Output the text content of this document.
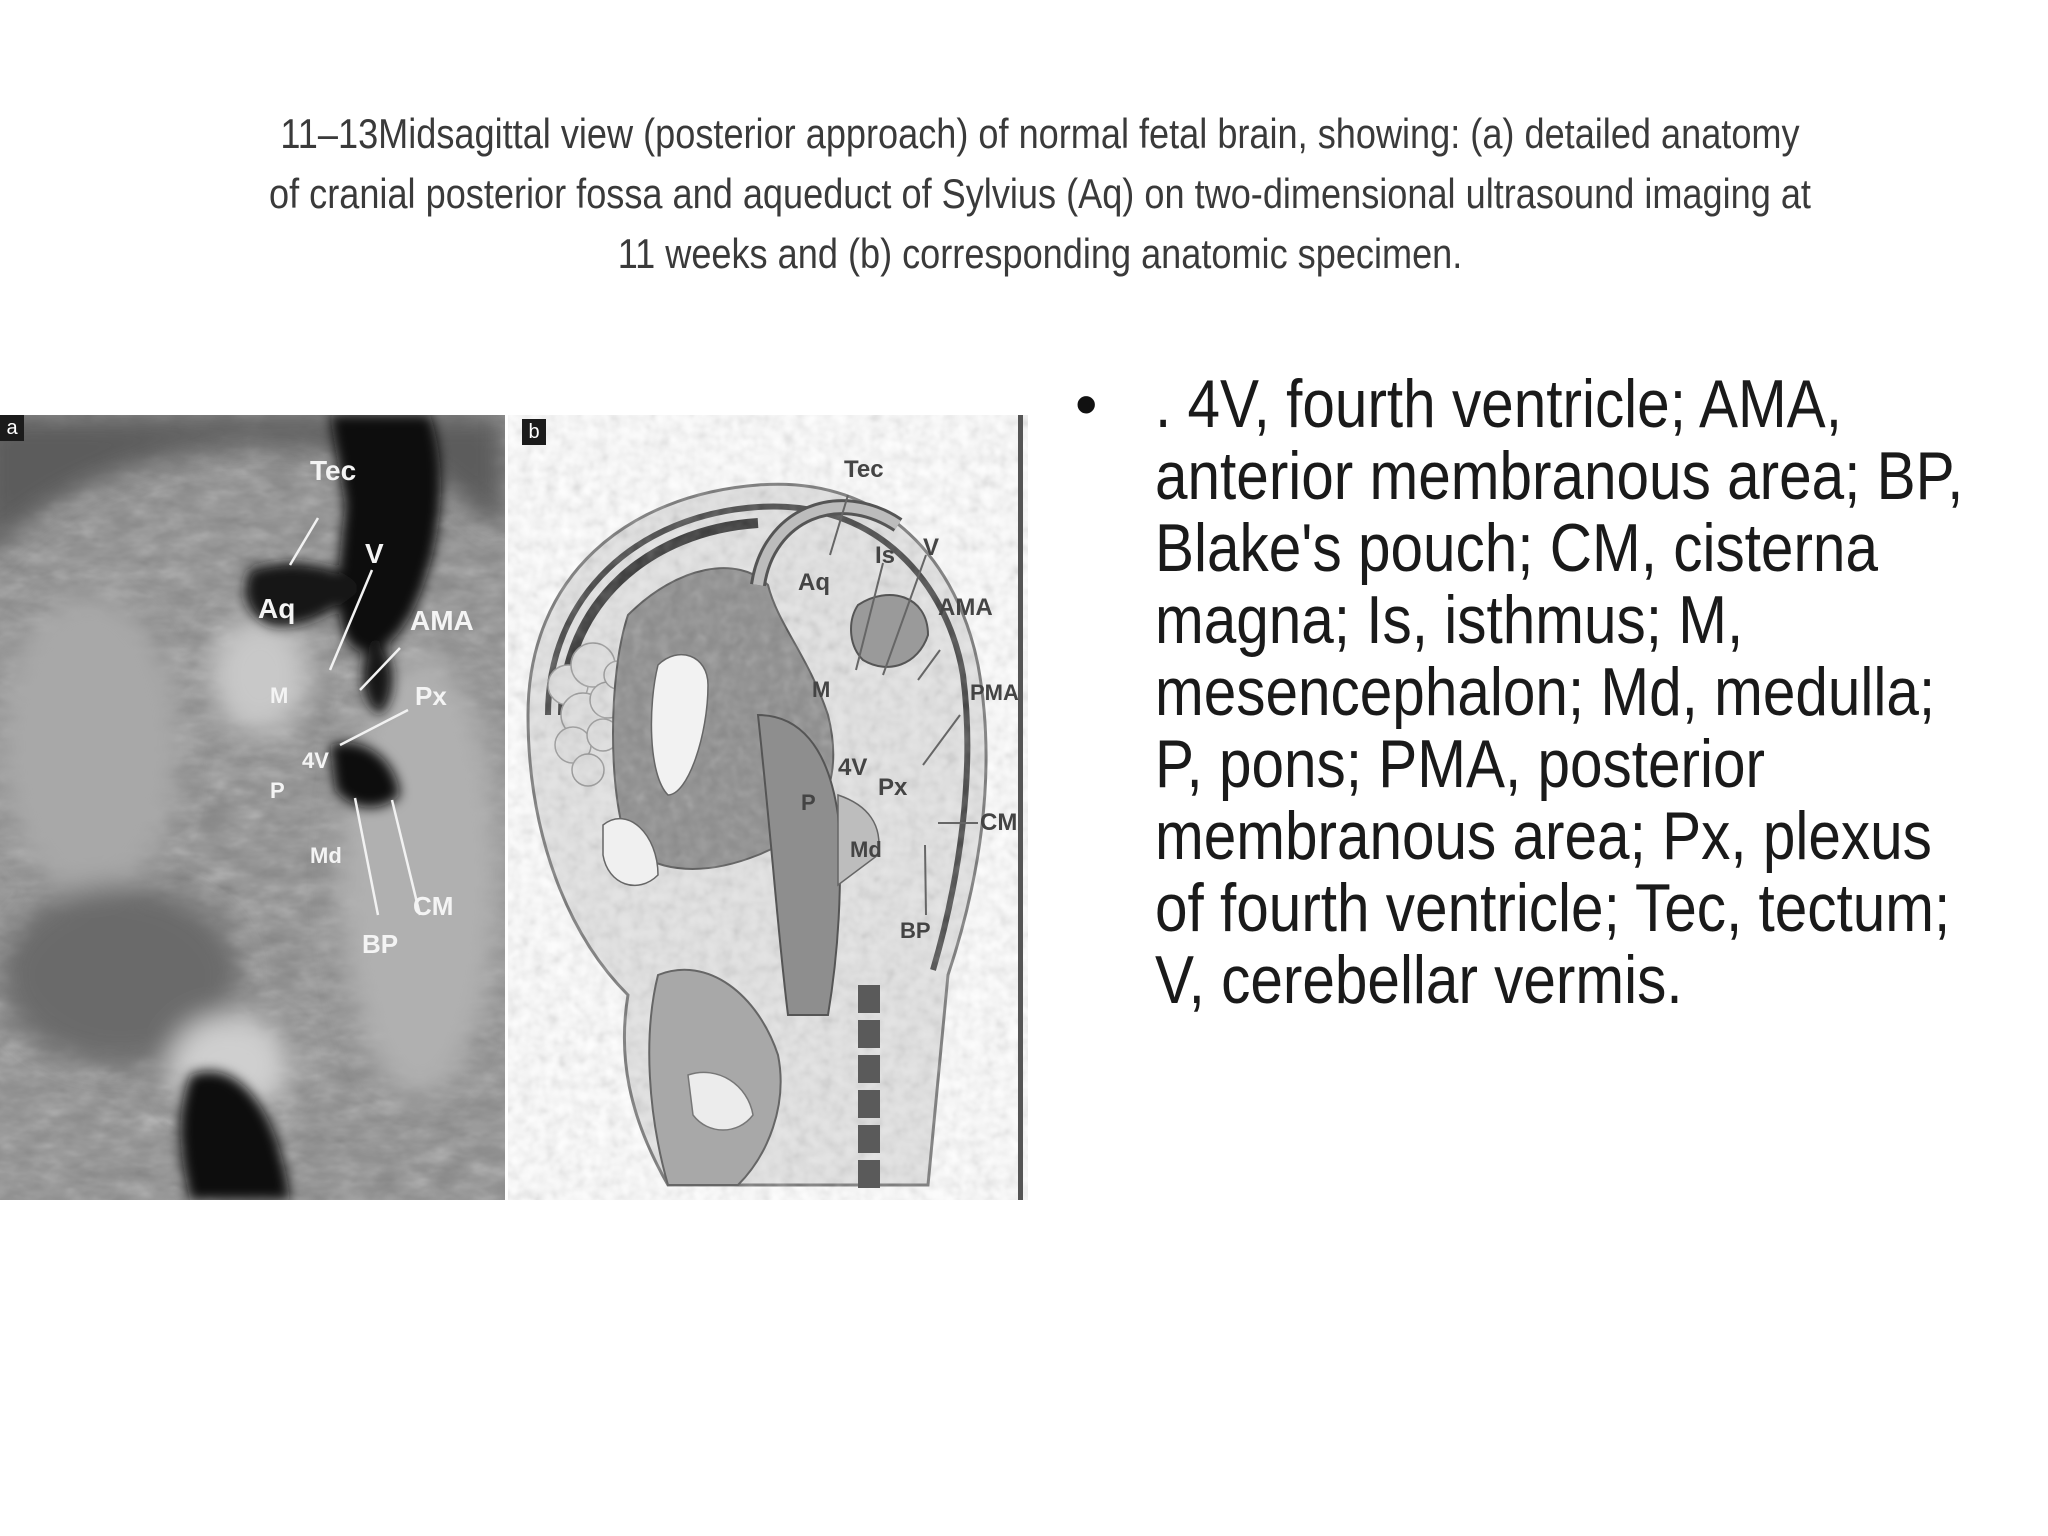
11–13Midsagittal view (posterior approach) of normal fetal brain, showing: (a) detailed anatomy
of cranial posterior fossa and aqueduct of Sylvius (Aq) on two-dimensional ultrasound imaging at
11 weeks and (b) corresponding anatomic specimen.
Tec
V
Aq	AMA
M	Px
4V
P
Md
CM
BP
a
Tec
Is V
Aq
AMA
M	PMA
4V
Px
P
CM
Md
BP
b	• . 4V, fourth ventricle; AMA, anterior membranous area; BP, Blake's pouch; CM, cisterna magna; Is, isthmus; M, mesencephalon; Md, medulla; P, pons; PMA, posterior membranous area; Px, plexus of fourth ventricle; Tec, tectum; V, cerebellar vermis.
